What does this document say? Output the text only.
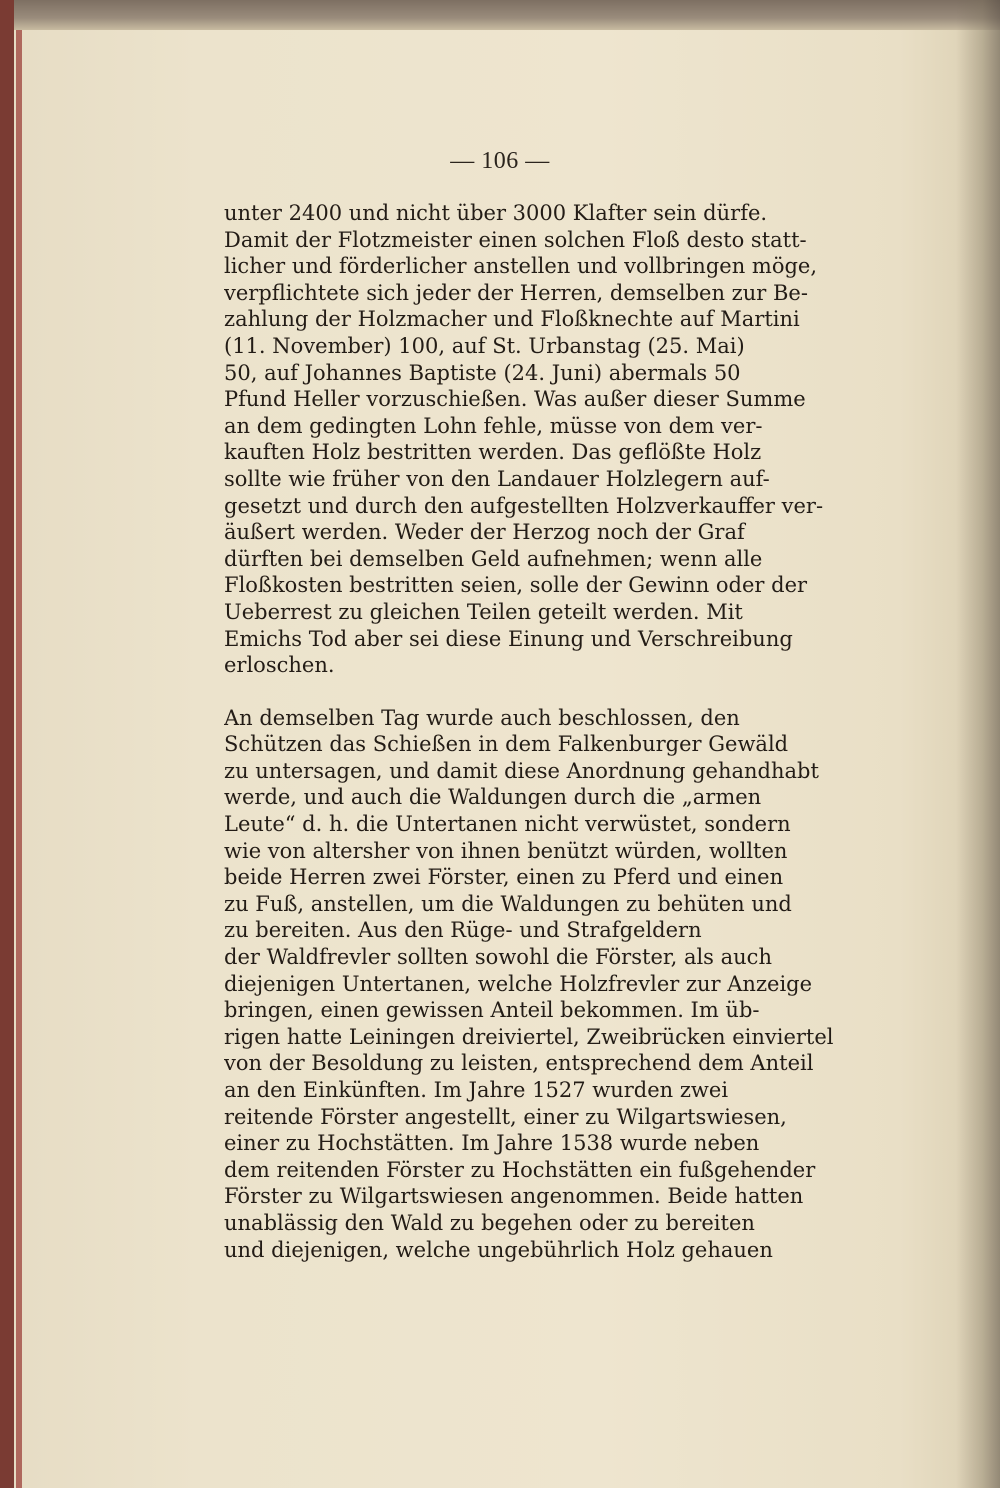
— 106 —
unter 2400 und nicht über 3000 Klafter sein dürfe.
Damit der Flotzmeister einen solchen Floß desto statt-
licher und förderlicher anstellen und vollbringen möge,
verpflichtete sich jeder der Herren, demselben zur Be-
zahlung der Holzmacher und Floßknechte auf Martini
(11. November) 100, auf St. Urbanstag (25. Mai)
50, auf Johannes Baptiste (24. Juni) abermals 50
Pfund Heller vorzuschießen. Was außer dieser Summe
an dem gedingten Lohn fehle, müsse von dem ver-
kauften Holz bestritten werden. Das geflößte Holz
sollte wie früher von den Landauer Holzlegern auf-
gesetzt und durch den aufgestellten Holzverkauffer ver-
äußert werden. Weder der Herzog noch der Graf
dürften bei demselben Geld aufnehmen; wenn alle
Floßkosten bestritten seien, solle der Gewinn oder der
Ueberrest zu gleichen Teilen geteilt werden. Mit
Emichs Tod aber sei diese Einung und Verschreibung
erloschen.
An demselben Tag wurde auch beschlossen, den
Schützen das Schießen in dem Falkenburger Gewäld
zu untersagen, und damit diese Anordnung gehandhabt
werde, und auch die Waldungen durch die „armen
Leute“ d. h. die Untertanen nicht verwüstet, sondern
wie von altersher von ihnen benützt würden, wollten
beide Herren zwei Förster, einen zu Pferd und einen
zu Fuß, anstellen, um die Waldungen zu behüten und
zu bereiten. Aus den Rüge- und Strafgeldern
der Waldfrevler sollten sowohl die Förster, als auch
diejenigen Untertanen, welche Holzfrevler zur Anzeige
bringen, einen gewissen Anteil bekommen. Im üb-
rigen hatte Leiningen dreiviertel, Zweibrücken einviertel
von der Besoldung zu leisten, entsprechend dem Anteil
an den Einkünften. Im Jahre 1527 wurden zwei
reitende Förster angestellt, einer zu Wilgartswiesen,
einer zu Hochstätten. Im Jahre 1538 wurde neben
dem reitenden Förster zu Hochstätten ein fußgehender
Förster zu Wilgartswiesen angenommen. Beide hatten
unablässig den Wald zu begehen oder zu bereiten
und diejenigen, welche ungebührlich Holz gehauen
